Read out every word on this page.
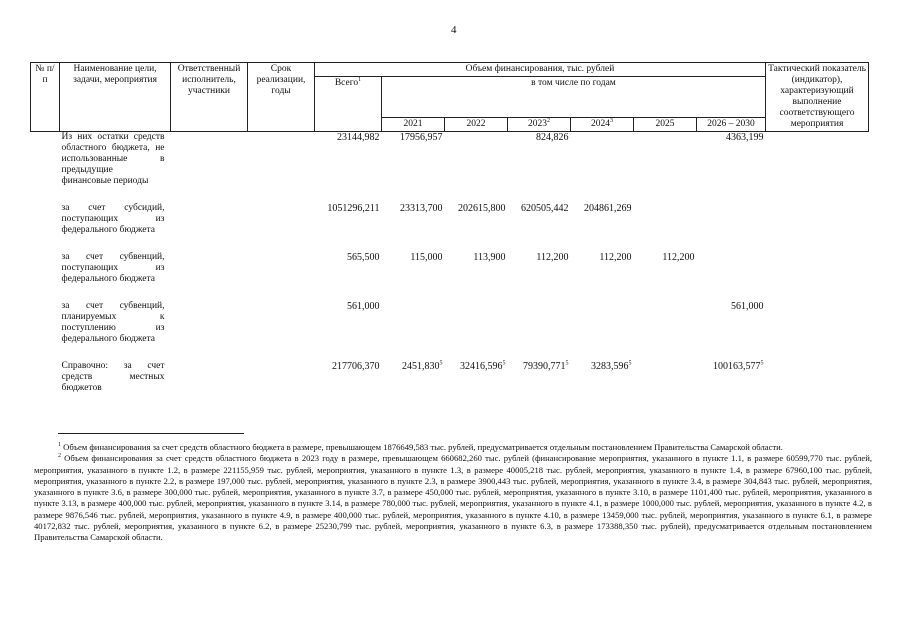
4
№ п/п	Наименование цели, задачи, мероприятия	Ответственный исполнитель, участники	Срок реализации, годы	Объем финансирования, тыс. рублей							Тактический показатель (индикатор), характеризующий выполнение соответствующего мероприятия
				Всего$^1$	в том числе по годам						
					2021	2022	2023$^2$	2024$^3$	2025	2026 – 2030	
	Из них остатки средств областного бюджета, не использованные в предыдущие финансовые периоды			23144,982	17956,957		824,826			4363,199	

	за счет субсидий, поступающих из федерального бюджета			1051296,211	23313,700	202615,800	620505,442	204861,269			

	за счет субвенций, поступающих из федерального бюджета			565,500	115,000	113,900	112,200	112,200	112,200		

	за счет субвенций, планируемых к поступлению из федерального бюджета			561,000						561,000	

	Справочно: за счет средств местных бюджетов			217706,370	2451,830$^5$	32416,596$^5$	79390,771$^5$	3283,596$^5$		100163,577$^5$	

$^1$ Объем финансирования за счет средств областного бюджета в размере, превышающем 1876649,583 тыс. рублей, предусматривается отдельным постановлением Правительства Самарской области.

$^2$ Объем финансирования за счет средств областного бюджета в 2023 году в размере, превышающем 660682,260 тыс. рублей (финансирование мероприятия, указанного в пункте 1.1, в размере 60599,770 тыс. рублей, мероприятия, указанного в пункте 1.2, в размере 221155,959 тыс. рублей, мероприятия, указанного в пункте 1.3, в размере 40005,218 тыс. рублей, мероприятия, указанного в пункте 1.4, в размере 67960,100 тыс. рублей, мероприятия, указанного в пункте 2.2, в размере 197,000 тыс. рублей, мероприятия, указанного в пункте 2.3, в размере 3900,443 тыс. рублей, мероприятия, указанного в пункте 3.4, в размере 304,843 тыс. рублей, мероприятия, указанного в пункте 3.6, в размере 300,000 тыс. рублей, мероприятия, указанного в пункте 3.7, в размере 450,000 тыс. рублей, мероприятия, указанного в пункте 3.10, в размере 1101,400 тыс. рублей, мероприятия, указанного в пункте 3.13, в размере 400,000 тыс. рублей, мероприятия, указанного в пункте 3.14, в размере 780,000 тыс. рублей, мероприятия, указанного в пункте 4.1, в размере 1000,000 тыс. рублей, мероприятия, указанного в пункте 4.2, в размере 9876,546 тыс. рублей, мероприятия, указанного в пункте 4.9, в размере 400,000 тыс. рублей, мероприятия, указанного в пункте 4.10, в размере 13459,000 тыс. рублей, мероприятия, указанного в пункте 6.1, в размере 40172,832 тыс. рублей, мероприятия, указанного в пункте 6.2, в размере 25230,799 тыс. рублей, мероприятия, указанного в пункте 6.3, в размере 173388,350 тыс. рублей), предусматривается отдельным постановлением Правительства Самарской области.
